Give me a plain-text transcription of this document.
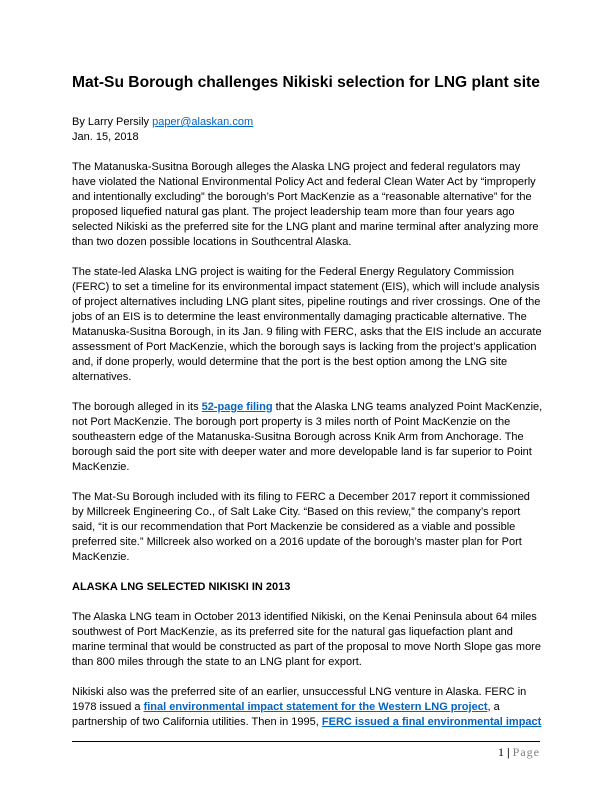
Mat-Su Borough challenges Nikiski selection for LNG plant site

By Larry Persily paper@alaskan.com

Jan. 15, 2018

The Matanuska-Susitna Borough alleges the Alaska LNG project and federal regulators may have violated the National Environmental Policy Act and federal Clean Water Act by “improperly and intentionally excluding” the borough’s Port MacKenzie as a “reasonable alternative” for the proposed liquefied natural gas plant. The project leadership team more than four years ago selected Nikiski as the preferred site for the LNG plant and marine terminal after analyzing more than two dozen possible locations in Southcentral Alaska.

The state-led Alaska LNG project is waiting for the Federal Energy Regulatory Commission (FERC) to set a timeline for its environmental impact statement (EIS), which will include analysis of project alternatives including LNG plant sites, pipeline routings and river crossings. One of the jobs of an EIS is to determine the least environmentally damaging practicable alternative. The Matanuska-Susitna Borough, in its Jan. 9 filing with FERC, asks that the EIS include an accurate assessment of Port MacKenzie, which the borough says is lacking from the project’s application and, if done properly, would determine that the port is the best option among the LNG site alternatives.

The borough alleged in its 52-page filing that the Alaska LNG teams analyzed Point MacKenzie, not Port MacKenzie. The borough port property is 3 miles north of Point MacKenzie on the southeastern edge of the Matanuska-Susitna Borough across Knik Arm from Anchorage. The borough said the port site with deeper water and more developable land is far superior to Point MacKenzie.

The Mat-Su Borough included with its filing to FERC a December 2017 report it commissioned by Millcreek Engineering Co., of Salt Lake City. “Based on this review,” the company’s report said, “it is our recommendation that Port Mackenzie be considered as a viable and possible preferred site.” Millcreek also worked on a 2016 update of the borough’s master plan for Port MacKenzie.

ALASKA LNG SELECTED NIKISKI IN 2013

The Alaska LNG team in October 2013 identified Nikiski, on the Kenai Peninsula about 64 miles southwest of Port MacKenzie, as its preferred site for the natural gas liquefaction plant and marine terminal that would be constructed as part of the proposal to move North Slope gas more than 800 miles through the state to an LNG plant for export.

Nikiski also was the preferred site of an earlier, unsuccessful LNG venture in Alaska. FERC in 1978 issued a final environmental impact statement for the Western LNG project, a partnership of two California utilities. Then in 1995, FERC issued a final environmental impact

1 | Page
